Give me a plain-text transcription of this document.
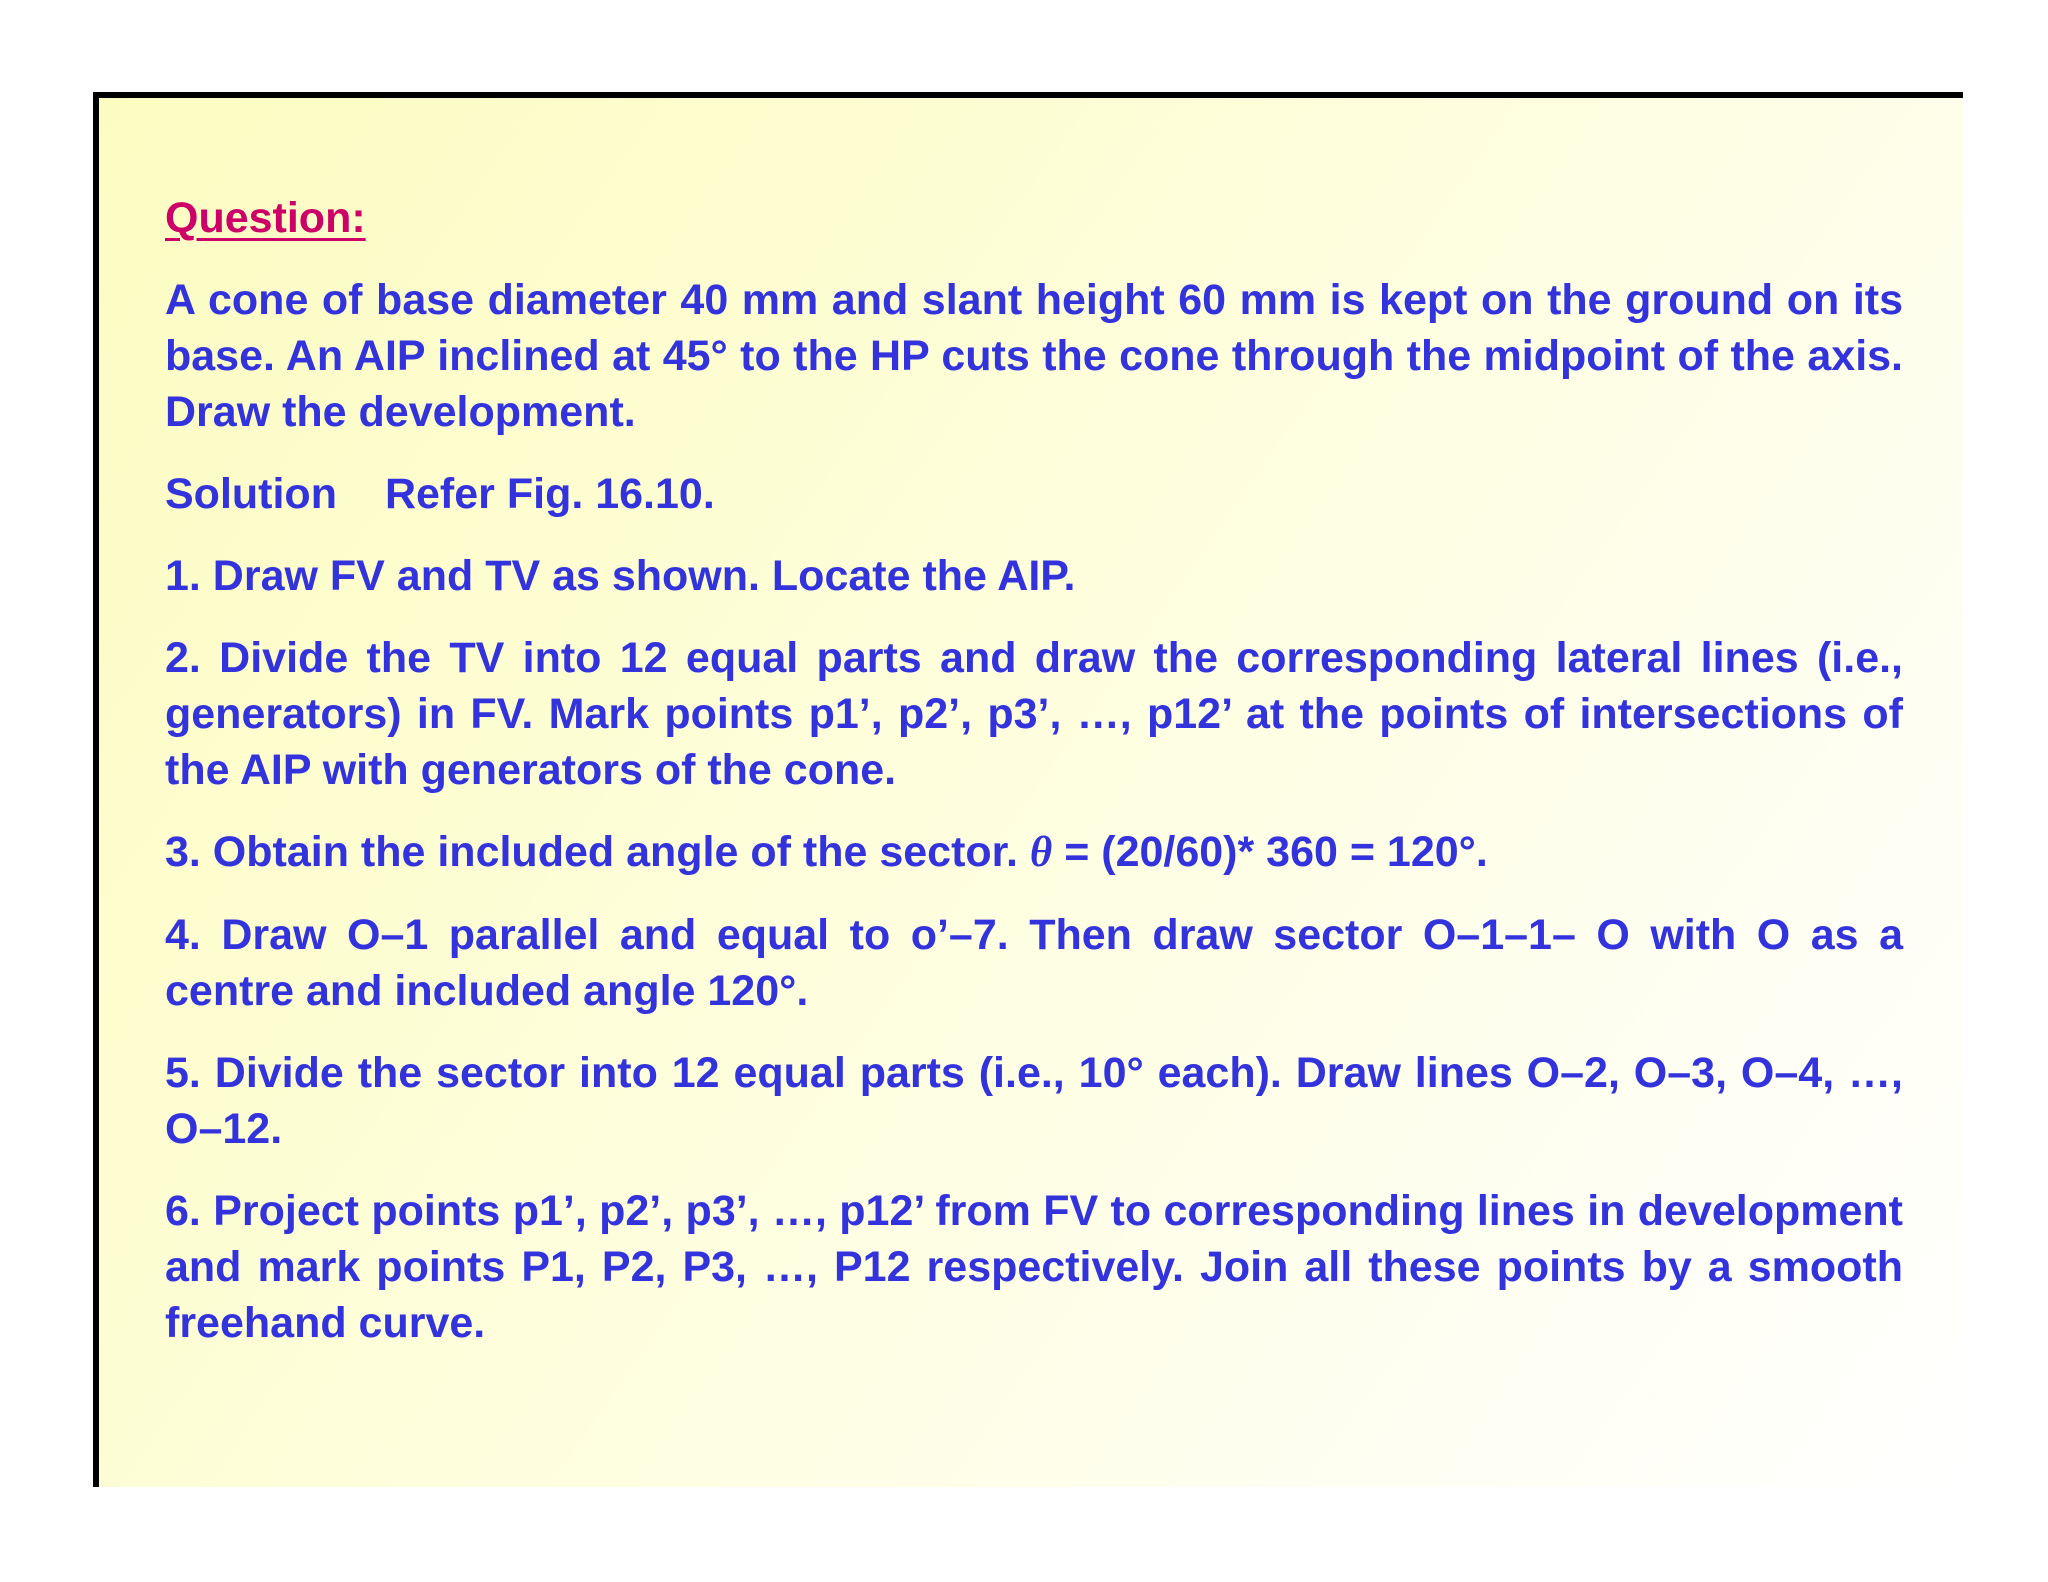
Question:
A cone of base diameter 40 mm and slant height 60 mm is kept on the ground on its base. An AIP inclined at 45° to the HP cuts the cone through the midpoint of the axis. Draw the development.
Solution Refer Fig. 16.10.
1. Draw FV and TV as shown. Locate the AIP.
2. Divide the TV into 12 equal parts and draw the corresponding lateral lines (i.e., generators) in FV. Mark points p1’, p2’, p3’, …, p12’ at the points of intersections of the AIP with generators of the cone.
3. Obtain the included angle of the sector. θ = (20/60)* 360 = 120°.
4. Draw O–1 parallel and equal to o’–7. Then draw sector O–1–1– O with O as a centre and included angle 120°.
5. Divide the sector into 12 equal parts (i.e., 10° each). Draw lines O–2, O–3, O–4, …, O–12.
6. Project points p1’, p2’, p3’, …, p12’ from FV to corresponding lines in development and mark points P1, P2, P3, …, P12 respectively. Join all these points by a smooth freehand curve.
